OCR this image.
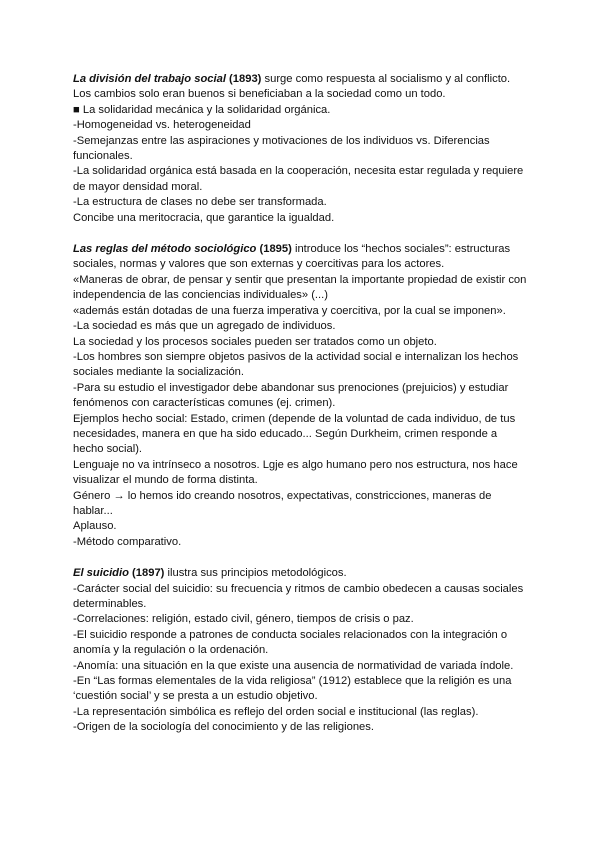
La división del trabajo social (1893) surge como respuesta al socialismo y al conflicto.
Los cambios solo eran buenos si beneficiaban a la sociedad como un todo.
■ La solidaridad mecánica y la solidaridad orgánica.
-Homogeneidad vs. heterogeneidad
-Semejanzas entre las aspiraciones y motivaciones de los individuos vs. Diferencias
funcionales.
-La solidaridad orgánica está basada en la cooperación, necesita estar regulada y requiere
de mayor densidad moral.
-La estructura de clases no debe ser transformada.
Concibe una meritocracia, que garantice la igualdad.
Las reglas del método sociológico (1895) introduce los “hechos sociales”: estructuras
sociales, normas y valores que son externas y coercitivas para los actores.
«Maneras de obrar, de pensar y sentir que presentan la importante propiedad de existir con
independencia de las conciencias individuales» (...)
«además están dotadas de una fuerza imperativa y coercitiva, por la cual se imponen».
-La sociedad es más que un agregado de individuos.
La sociedad y los procesos sociales pueden ser tratados como un objeto.
-Los hombres son siempre objetos pasivos de la actividad social e internalizan los hechos
sociales mediante la socialización.
-Para su estudio el investigador debe abandonar sus prenociones (prejuicios) y estudiar
fenómenos con características comunes (ej. crimen).
Ejemplos hecho social: Estado, crimen (depende de la voluntad de cada individuo, de tus
necesidades, manera en que ha sido educado... Según Durkheim, crimen responde a
hecho social).
Lenguaje no va intrínseco a nosotros. Lgje es algo humano pero nos estructura, nos hace
visualizar el mundo de forma distinta.
Género → lo hemos ido creando nosotros, expectativas, constricciones, maneras de
hablar...
Aplauso.
-Método comparativo.
El suicidio (1897) ilustra sus principios metodológicos.
-Carácter social del suicidio: su frecuencia y ritmos de cambio obedecen a causas sociales
determinables.
-Correlaciones: religión, estado civil, género, tiempos de crisis o paz.
-El suicidio responde a patrones de conducta sociales relacionados con la integración o
anomía y la regulación o la ordenación.
-Anomía: una situación en la que existe una ausencia de normatividad de variada índole.
-En “Las formas elementales de la vida religiosa” (1912) establece que la religión es una
‘cuestión social’ y se presta a un estudio objetivo.
-La representación simbólica es reflejo del orden social e institucional (las reglas).
-Origen de la sociología del conocimiento y de las religiones.
